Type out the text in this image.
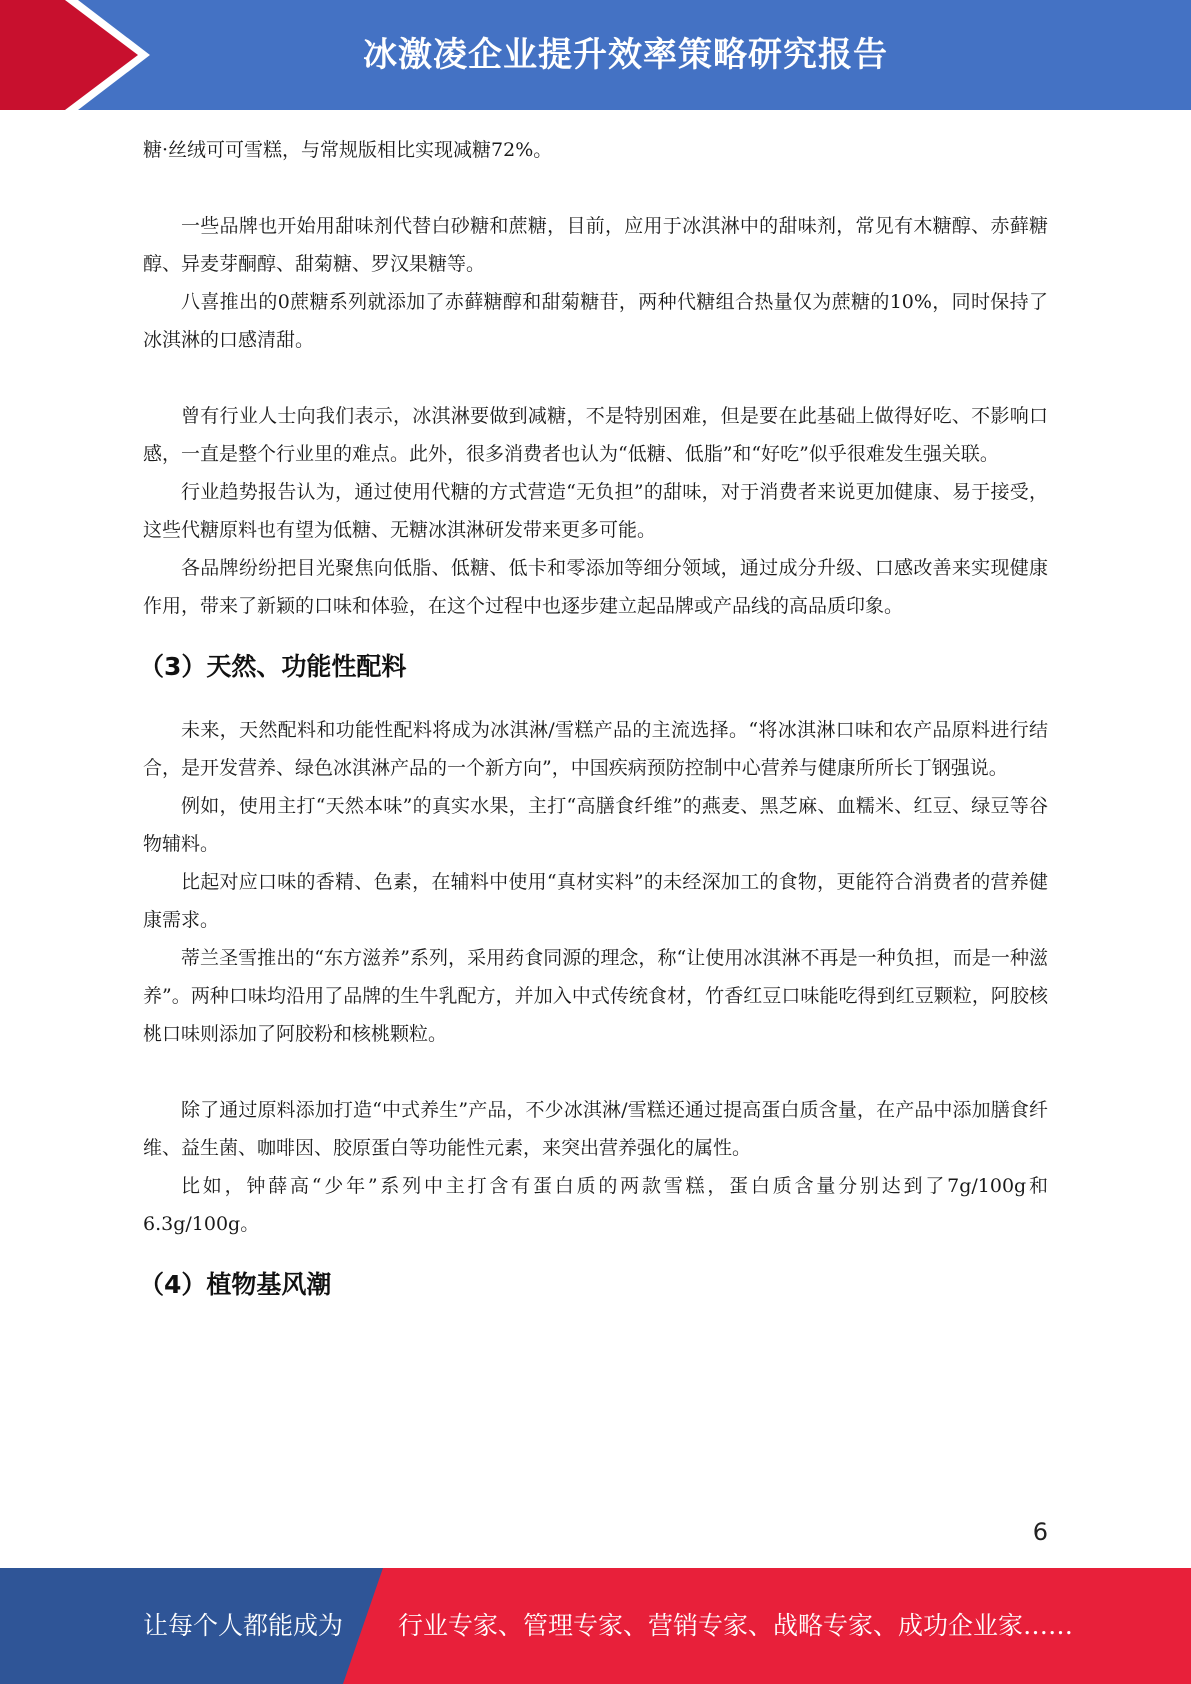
冰激凌企业提升效率策略研究报告

糖·丝绒可可雪糕，与常规版相比实现减糖72%。

一些品牌也开始用甜味剂代替白砂糖和蔗糖，目前，应用于冰淇淋中的甜味剂，常见有木糖醇、赤藓糖醇、异麦芽酮醇、甜菊糖、罗汉果糖等。

八喜推出的0蔗糖系列就添加了赤藓糖醇和甜菊糖苷，两种代糖组合热量仅为蔗糖的10%，同时保持了冰淇淋的口感清甜。

曾有行业人士向我们表示，冰淇淋要做到减糖，不是特别困难，但是要在此基础上做得好吃、不影响口感，一直是整个行业里的难点。此外，很多消费者也认为“低糖、低脂”和“好吃”似乎很难发生强关联。

行业趋势报告认为，通过使用代糖的方式营造“无负担”的甜味，对于消费者来说更加健康、易于接受，这些代糖原料也有望为低糖、无糖冰淇淋研发带来更多可能。

各品牌纷纷把目光聚焦向低脂、低糖、低卡和零添加等细分领域，通过成分升级、口感改善来实现健康作用，带来了新颖的口味和体验，在这个过程中也逐步建立起品牌或产品线的高品质印象。

（3）天然、功能性配料

未来，天然配料和功能性配料将成为冰淇淋/雪糕产品的主流选择。“将冰淇淋口味和农产品原料进行结合，是开发营养、绿色冰淇淋产品的一个新方向”，中国疾病预防控制中心营养与健康所所长丁钢强说。

例如，使用主打“天然本味”的真实水果，主打“高膳食纤维”的燕麦、黑芝麻、血糯米、红豆、绿豆等谷物辅料。

比起对应口味的香精、色素，在辅料中使用“真材实料”的未经深加工的食物，更能符合消费者的营养健康需求。

蒂兰圣雪推出的“东方滋养”系列，采用药食同源的理念，称“让使用冰淇淋不再是一种负担，而是一种滋养”。两种口味均沿用了品牌的生牛乳配方，并加入中式传统食材，竹香红豆口味能吃得到红豆颗粒，阿胶核桃口味则添加了阿胶粉和核桃颗粒。

除了通过原料添加打造“中式养生”产品，不少冰淇淋/雪糕还通过提高蛋白质含量，在产品中添加膳食纤维、益生菌、咖啡因、胶原蛋白等功能性元素，来突出营养强化的属性。

比如，钟薛高“少年”系列中主打含有蛋白质的两款雪糕，蛋白质含量分别达到了7g/100g和6.3g/100g。

（4）植物基风潮
6
让每个人都能成为 行业专家、管理专家、营销专家、战略专家、成功企业家……
